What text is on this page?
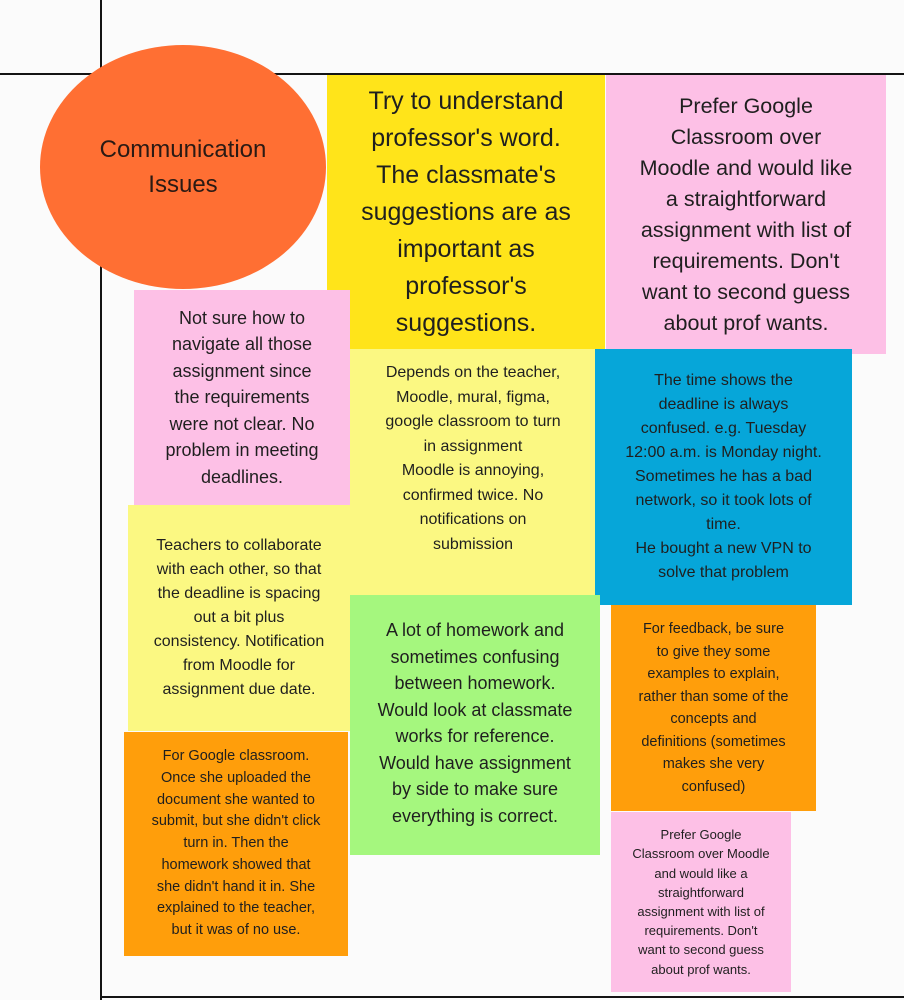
Communication
Issues
Try to understand
professor's word.
The classmate's
suggestions are as
important as
professor's
suggestions.
Prefer Google
Classroom over
Moodle and would like
a straightforward
assignment with list of
requirements. Don't
want to second guess
about prof wants.
Not sure how to
navigate all those
assignment since
the requirements
were not clear. No
problem in meeting
deadlines.
Depends on the teacher,
Moodle, mural, figma,
google classroom to turn
in assignment
Moodle is annoying,
confirmed twice. No
notifications on
submission
The time shows the
deadline is always
confused. e.g. Tuesday
12:00 a.m. is Monday night.
Sometimes he has a bad
network, so it took lots of
time.
He bought a new VPN to
solve that problem
Teachers to collaborate
with each other, so that
the deadline is spacing
out a bit plus
consistency. Notification
from Moodle for
assignment due date.
A lot of homework and
sometimes confusing
between homework.
Would look at classmate
works for reference.
Would have assignment
by side to make sure
everything is correct.
For feedback, be sure
to give they some
examples to explain,
rather than some of the
concepts and
definitions (sometimes
makes she very
confused)
For Google classroom.
Once she uploaded the
document she wanted to
submit, but she didn't click
turn in. Then the
homework showed that
she didn't hand it in. She
explained to the teacher,
but it was of no use.
Prefer Google
Classroom over Moodle
and would like a
straightforward
assignment with list of
requirements. Don't
want to second guess
about prof wants.
